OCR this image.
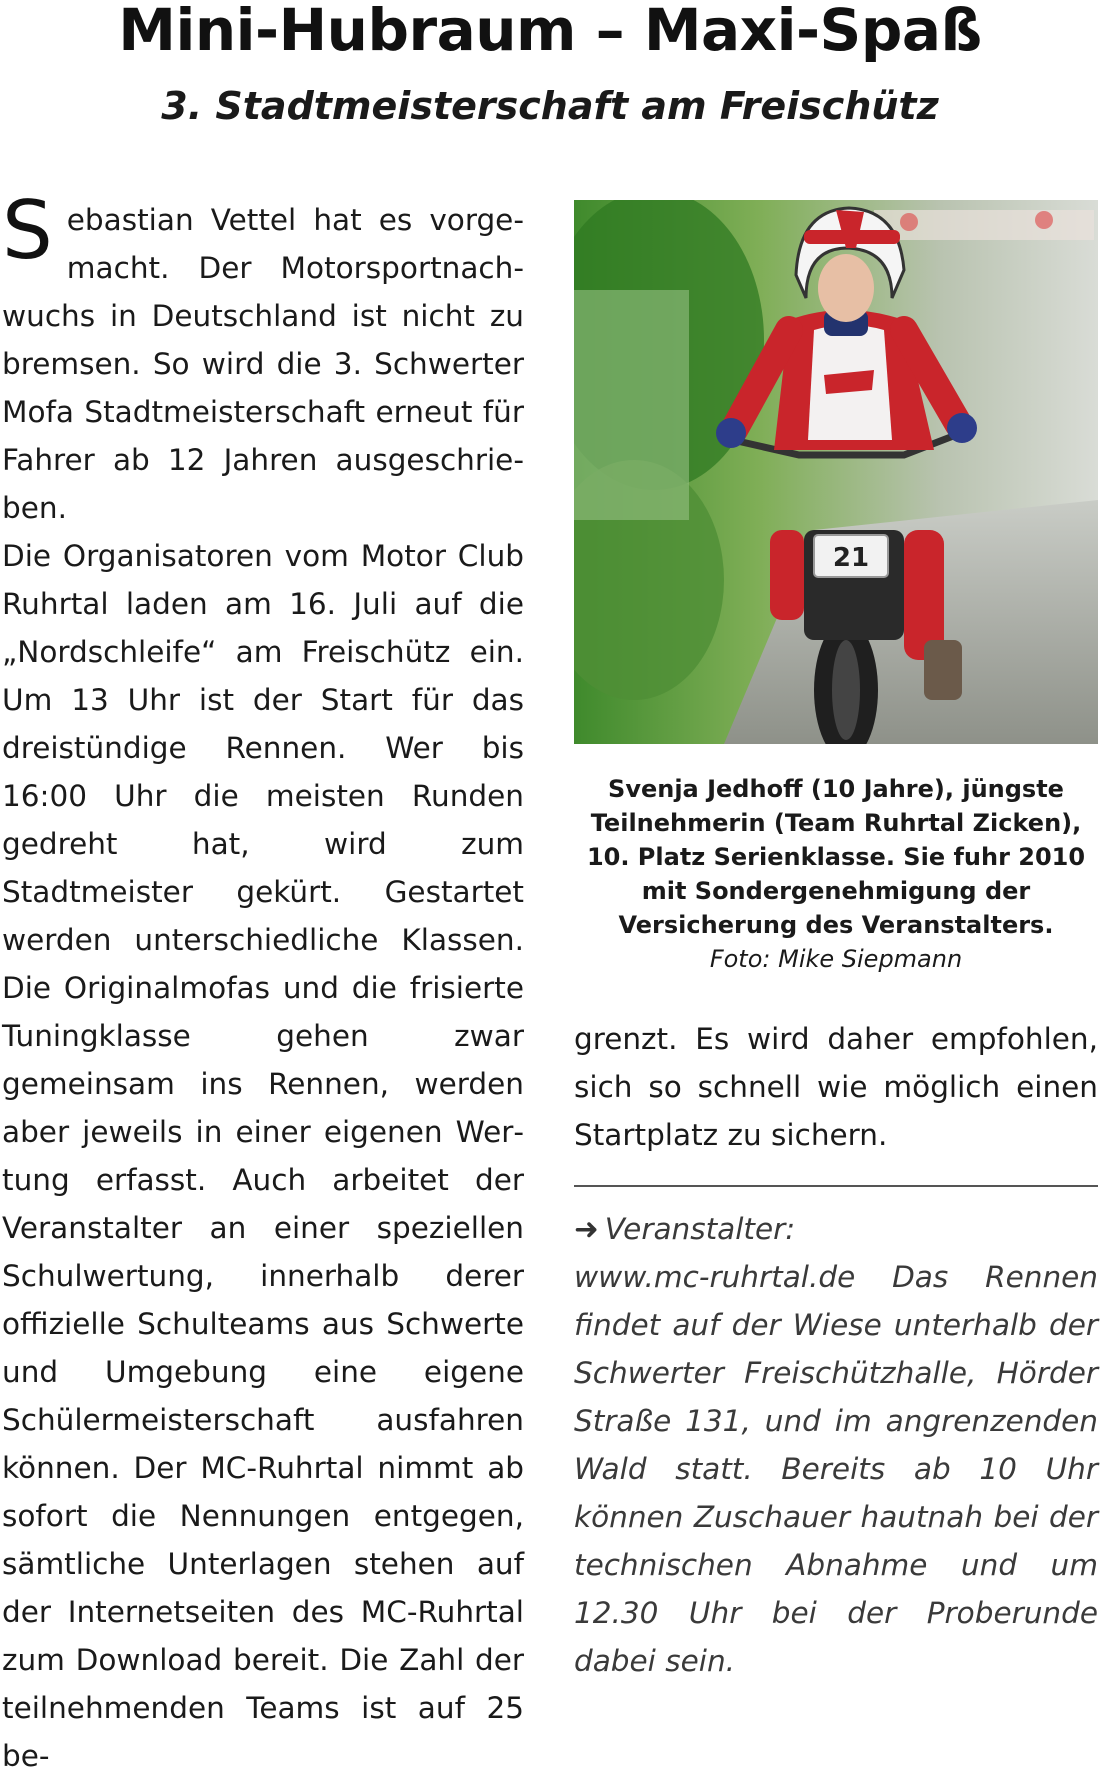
Mini-Hubraum – Maxi-Spaß
3. Stadtmeisterschaft am Freischütz

Sebastian Vettel hat es vorgemacht. Der Motorsportnachwuchs in Deutschland ist nicht zu bremsen. So wird die 3. Schwerter Mofa Stadtmeisterschaft erneut für Fahrer ab 12 Jahren ausgeschrieben.

Die Organisatoren vom Motor Club Ruhrtal laden am 16. Juli auf die „Nordschleife“ am Freischütz ein. Um 13 Uhr ist der Start für das dreistündige Rennen. Wer bis 16:00 Uhr die meisten Runden gedreht hat, wird zum Stadtmeister gekürt. Gestartet werden unterschiedliche Klassen. Die Originalmofas und die frisierte Tuningklasse gehen zwar gemeinsam ins Rennen, werden aber jeweils in einer eigenen Wertung erfasst. Auch arbeitet der Veranstalter an einer speziellen Schulwertung, innerhalb derer offizielle Schulteams aus Schwerte und Umgebung eine eigene Schülermeisterschaft ausfahren können. Der MC-Ruhrtal nimmt ab sofort die Nennungen entgegen, sämtliche Unterlagen stehen auf der Internetseiten des MC-Ruhrtal zum Download bereit. Die Zahl der teilnehmenden Teams ist auf 25 be-

21
Svenja Jedhoff (10 Jahre), jüngste Teilnehmerin (Team Ruhrtal Zicken), 10. Platz Serienklasse. Sie fuhr 2010 mit Sondergenehmigung der Versicherung des Veranstalters.
Foto: Mike Siepmann

grenzt. Es wird daher empfohlen, sich so schnell wie möglich einen Startplatz zu sichern.

➜ Veranstalter:
www.mc-ruhrtal.de Das Rennen findet auf der Wiese unterhalb der Schwerter Freischützhalle, Hörder Straße 131, und im angrenzenden Wald statt. Bereits ab 10 Uhr können Zuschauer hautnah bei der technischen Abnahme und um 12.30 Uhr bei der Proberunde dabei sein.
